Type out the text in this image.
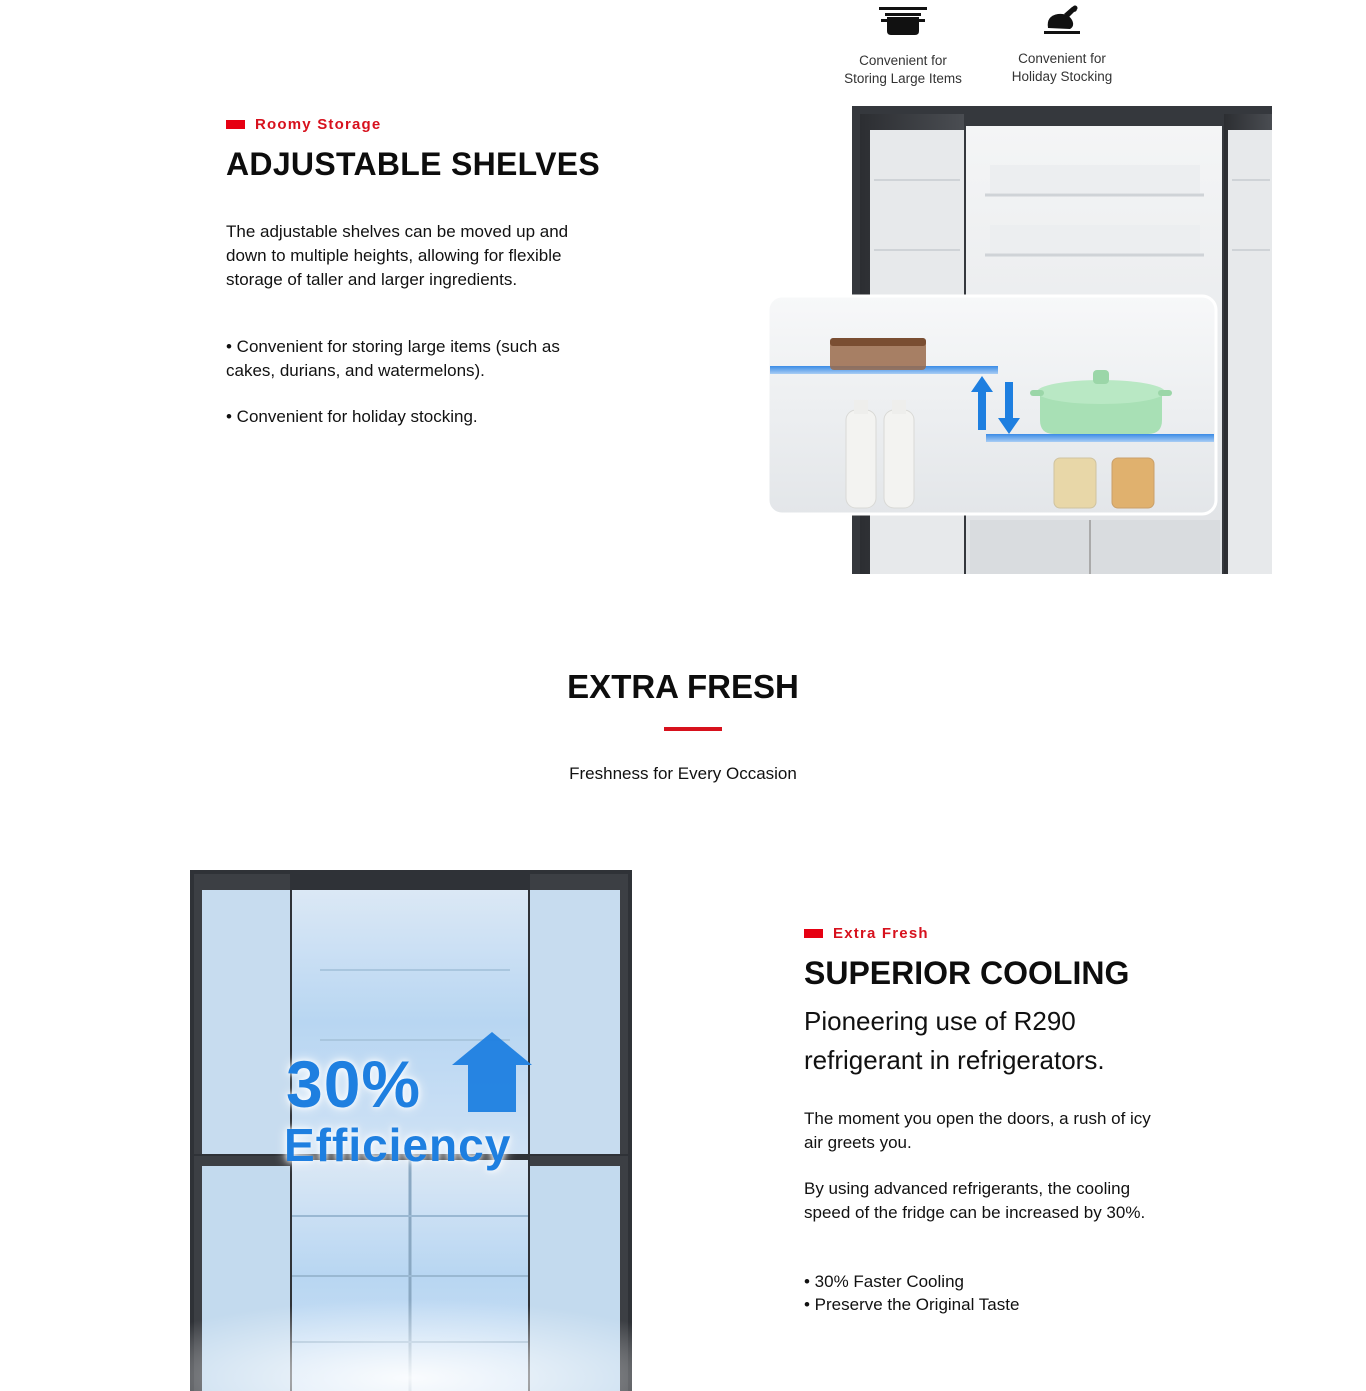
Roomy Storage
ADJUSTABLE SHELVES

The adjustable shelves can be moved up and down to multiple heights, allowing for flexible storage of taller and larger ingredients.

• Convenient for storing large items (such as cakes, durians, and watermelons).

• Convenient for holiday stocking.

Convenient for
Storing Large Items
Convenient for
Holiday Stocking
EXTRA FRESH
Freshness for Every Occasion
30%
Efficiency
Extra Fresh
SUPERIOR COOLING

Pioneering use of R290

refrigerant in refrigerators.

The moment you open the doors, a rush of icy air greets you.

By using advanced refrigerants, the cooling speed of the fridge can be increased by 30%.

• 30% Faster Cooling

• Preserve the Original Taste
